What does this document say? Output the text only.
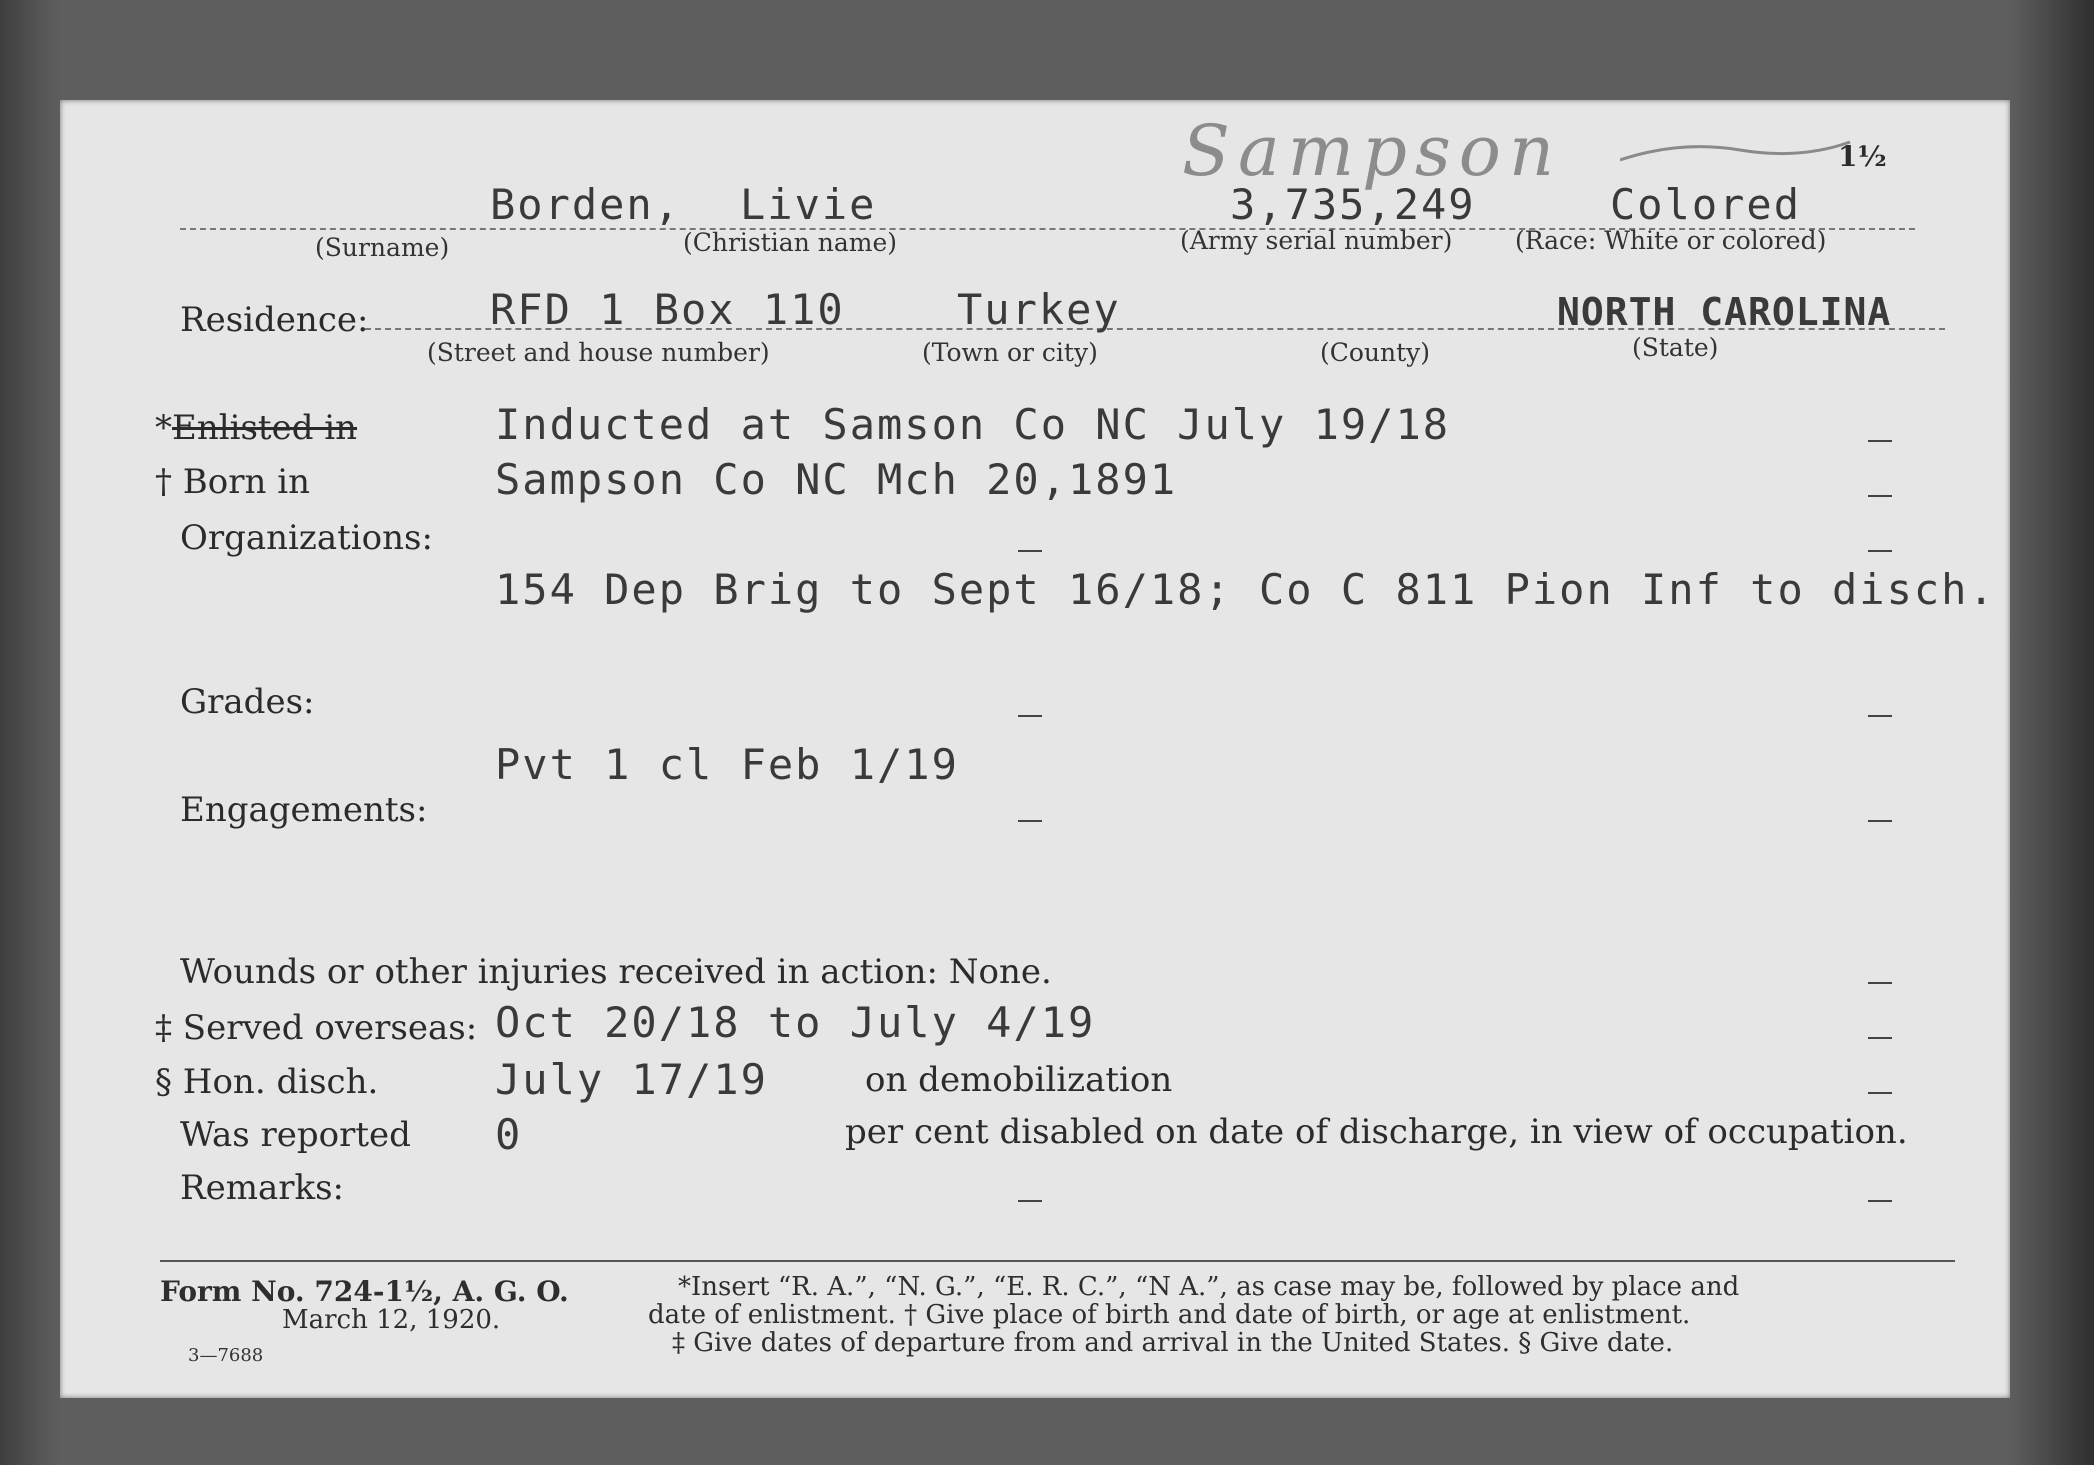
Sampson	1½
Borden, Livie	3,735,249	Colored
(Surname)	(Christian name)	(Army serial number)	(Race: White or colored)
Residence:	RFD 1 Box 110	Turkey	NORTH CAROLINA
(Street and house number)	(Town or city)	(County)	(State)
*Enlisted in	Inducted at Samson Co NC July 19/18
† Born in	Sampson Co NC Mch 20,1891
Organizations:
154 Dep Brig to Sept 16/18; Co C 811 Pion Inf to disch.
Grades:
Pvt 1 cl Feb 1/19
Engagements:
Wounds or other injuries received in action: None.
‡ Served overseas: Oct 20/18 to July 4/19
§ Hon. disch.	July 17/19	on demobilization
Was reported 0	per cent disabled on date of discharge, in view of occupation.
Remarks:
Form No. 724-1½, A. G. O.
March 12, 1920.
3—7688
*Insert “R. A.”, “N. G.”, “E. R. C.”, “N A.”, as case may be, followed by place and
date of enlistment. † Give place of birth and date of birth, or age at enlistment.
‡ Give dates of departure from and arrival in the United States. § Give date.
